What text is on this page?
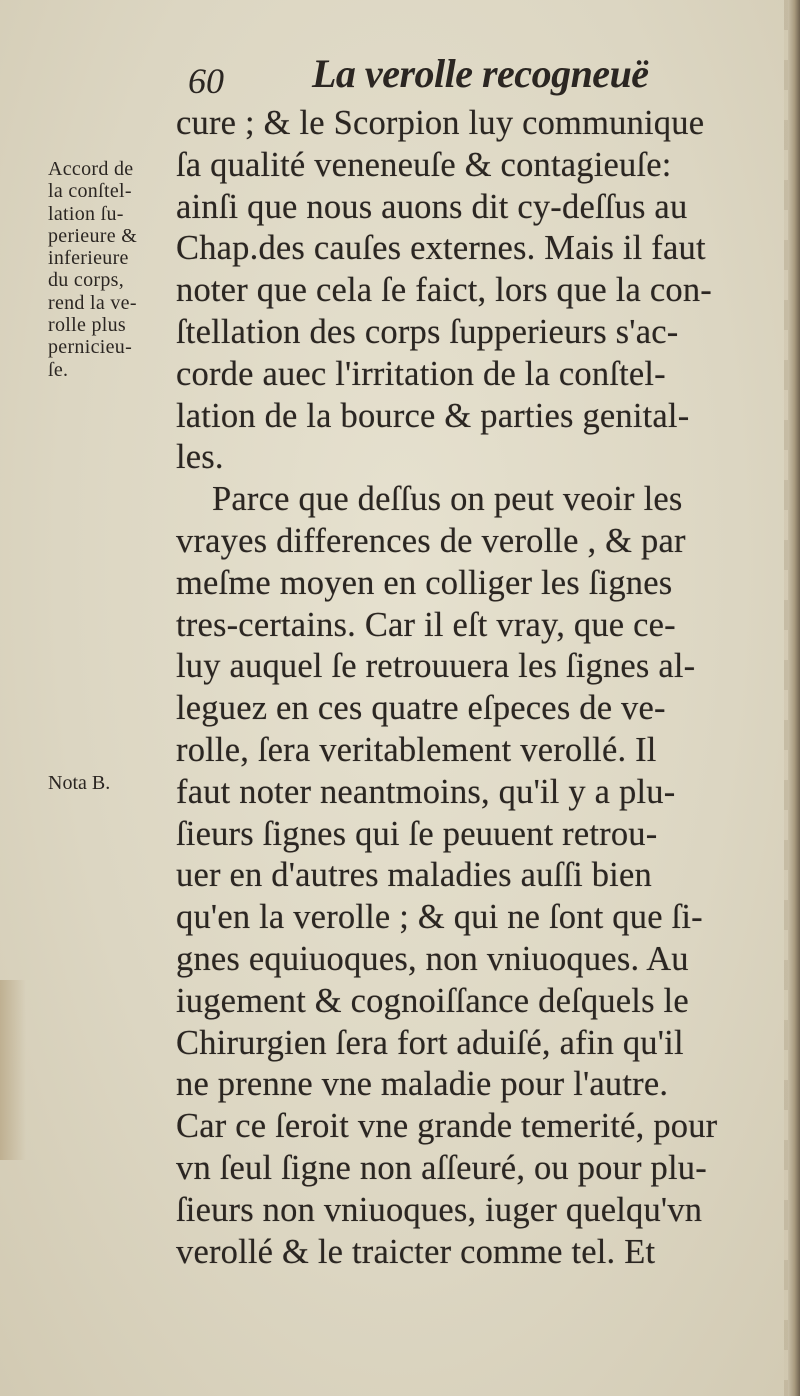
60 La verolle recogneuë
Accord de
la conſtel-
lation ſu-
perieure &
inferieure
du corps,
rend la ve-
rolle plus
pernicieu-
ſe.
Nota B.
cure ; & le Scorpion luy communique
ſa qualité veneneuſe & contagieuſe:
ainſi que nous auons dit cy-deſſus au
Chap.des cauſes externes. Mais il faut
noter que cela ſe faict, lors que la con-
ſtellation des corps ſupperieurs s'ac-
corde auec l'irritation de la conſtel-
lation de la bource & parties genital-
les.
Parce que deſſus on peut veoir les
vrayes differences de verolle , & par
meſme moyen en colliger les ſignes
tres-certains. Car il eſt vray, que ce-
luy auquel ſe retrouuera les ſignes al-
leguez en ces quatre eſpeces de ve-
rolle, ſera veritablement verollé. Il
faut noter neantmoins, qu'il y a plu-
ſieurs ſignes qui ſe peuuent retrou-
uer en d'autres maladies auſſi bien
qu'en la verolle ; & qui ne ſont que ſi-
gnes equiuoques, non vniuoques. Au
iugement & cognoiſſance deſquels le
Chirurgien ſera fort aduiſé, afin qu'il
ne prenne vne maladie pour l'autre.
Car ce ſeroit vne grande temerité, pour
vn ſeul ſigne non aſſeuré, ou pour plu-
ſieurs non vniuoques, iuger quelqu'vn
verollé & le traicter comme tel. Et
